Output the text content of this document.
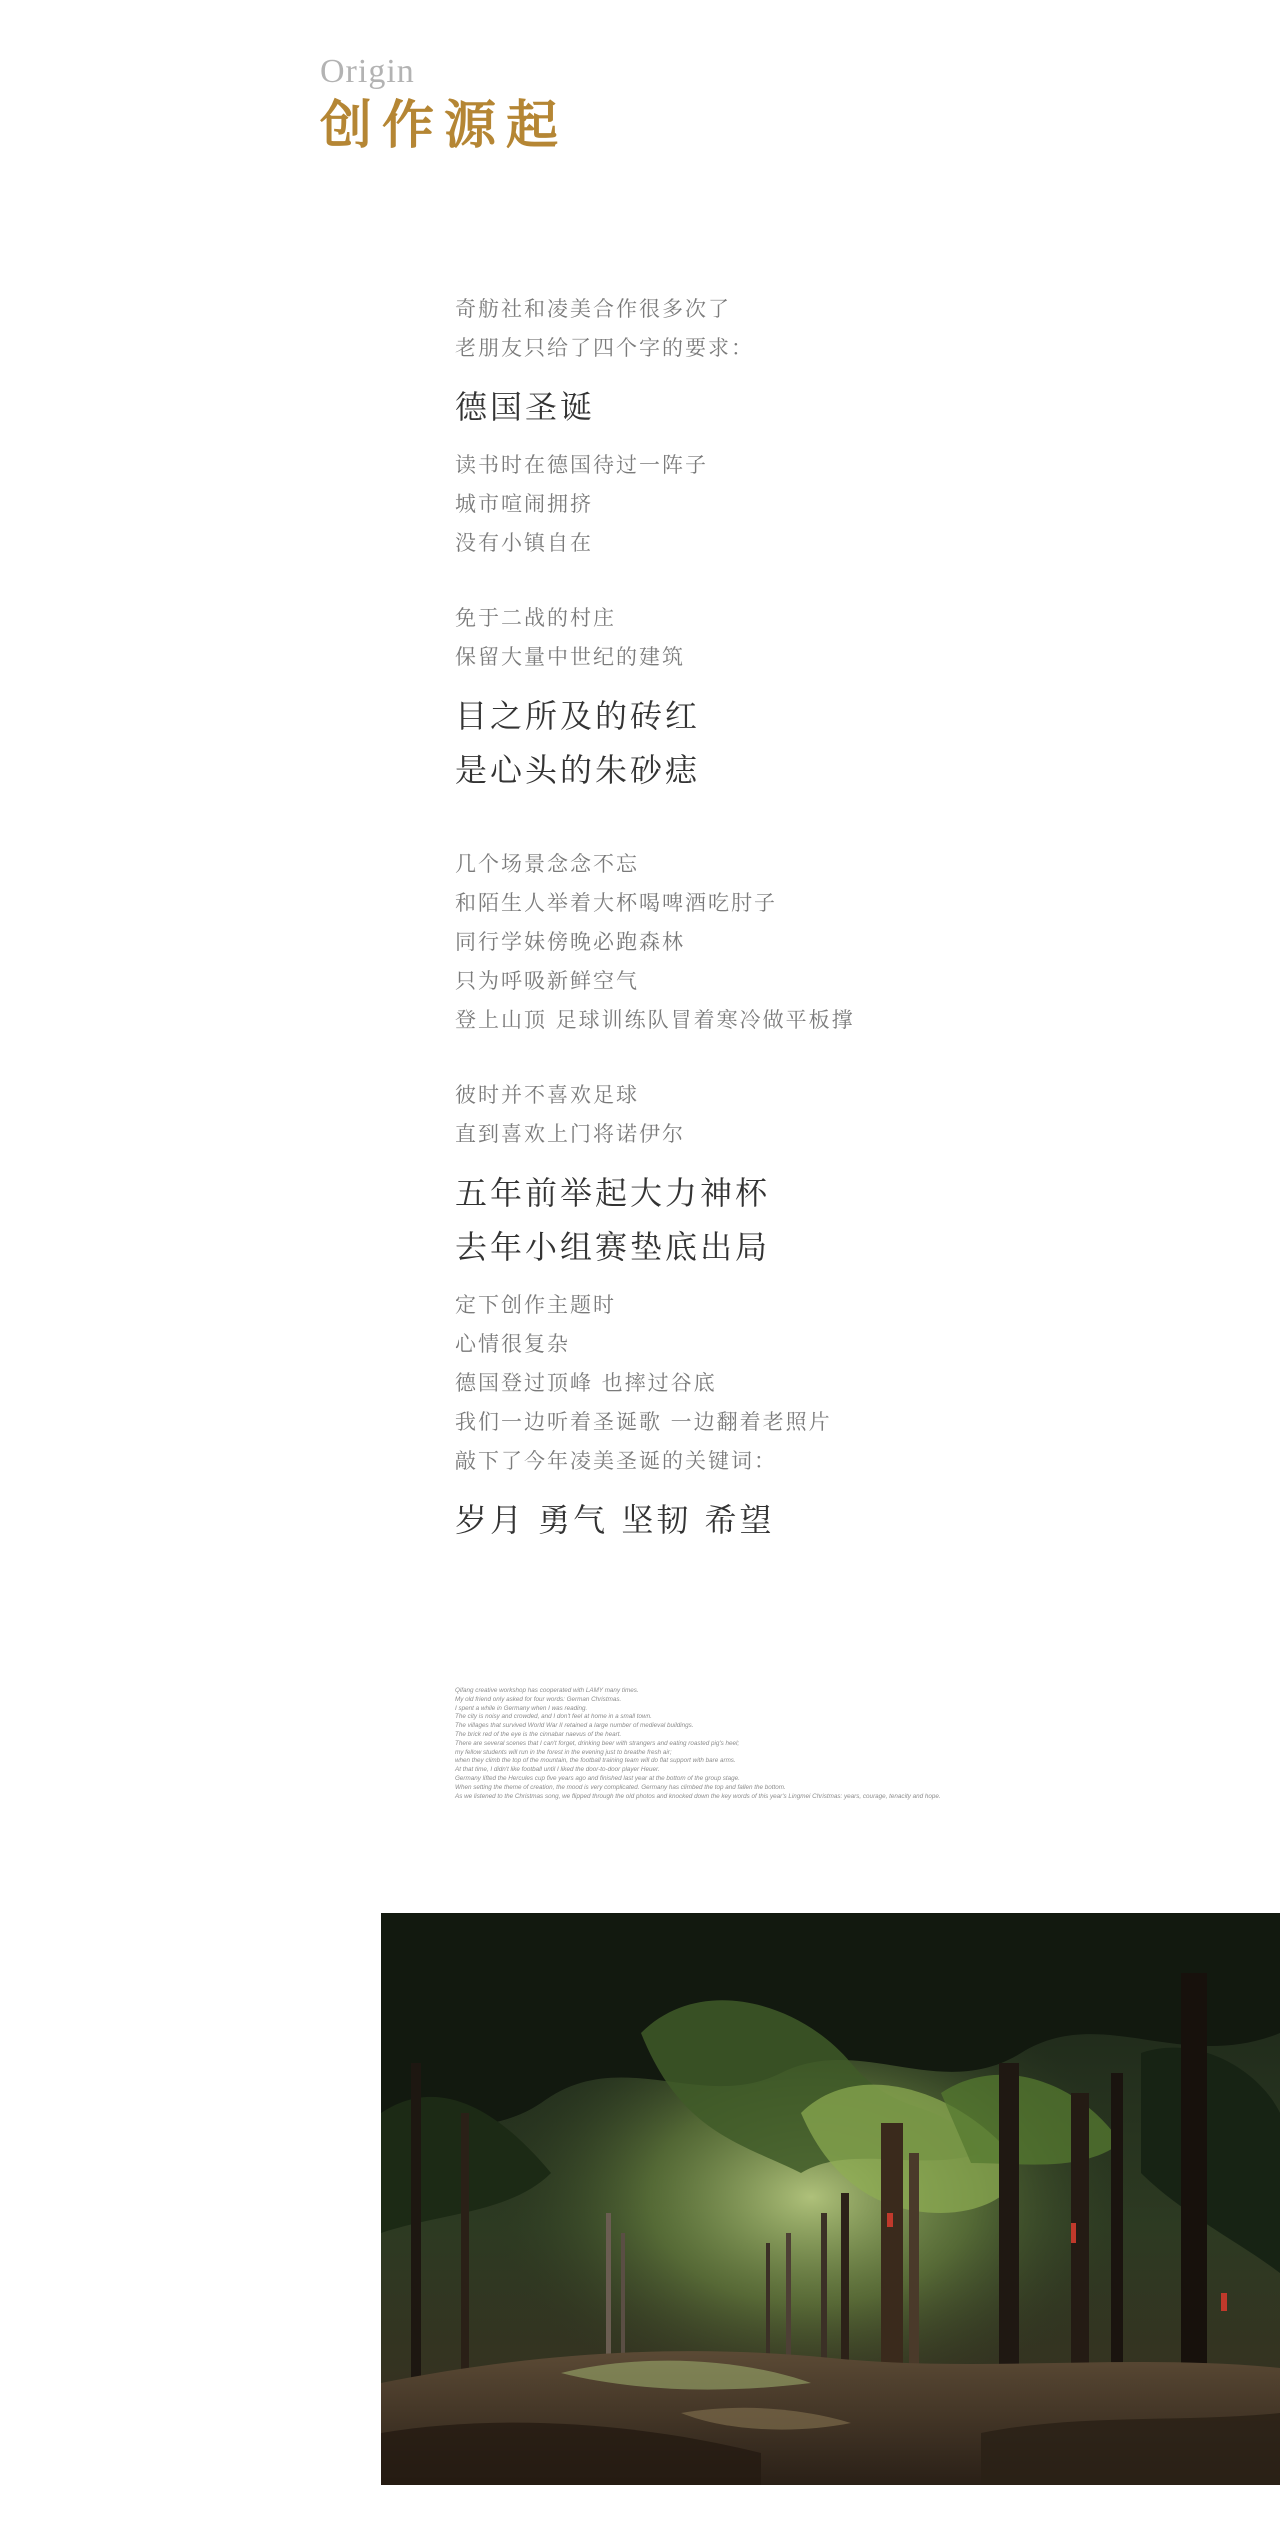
Origin
创作源起
奇舫社和凌美合作很多次了
老朋友只给了四个字的要求：
德国圣诞
读书时在德国待过一阵子
城市喧闹拥挤
没有小镇自在
免于二战的村庄
保留大量中世纪的建筑
目之所及的砖红
是心头的朱砂痣
几个场景念念不忘
和陌生人举着大杯喝啤酒吃肘子
同行学妹傍晚必跑森林
只为呼吸新鲜空气
登上山顶 足球训练队冒着寒冷做平板撑
彼时并不喜欢足球
直到喜欢上门将诺伊尔
五年前举起大力神杯
去年小组赛垫底出局
定下创作主题时
心情很复杂
德国登过顶峰 也摔过谷底
我们一边听着圣诞歌 一边翻着老照片
敲下了今年凌美圣诞的关键词：
岁月 勇气 坚韧 希望
Qifang creative workshop has cooperated with LAMY many times.
My old friend only asked for four words: German Christmas.
I spent a while in Germany when I was reading.
The city is noisy and crowded, and I don't feel at home in a small town.
The villages that survived World War II retained a large number of medieval buildings.
The brick red of the eye is the cinnabar naevus of the heart.
There are several scenes that I can't forget, drinking beer with strangers and eating roasted pig's heel;
my fellow students will run in the forest in the evening just to breathe fresh air;
when they climb the top of the mountain, the football training team will do flat support with bare arms.
At that time, I didn't like football until I liked the door-to-door player Heuer.
Germany lifted the Hercules cup five years ago and finished last year at the bottom of the group stage.
When setting the theme of creation, the mood is very complicated. Germany has climbed the top and fallen the bottom.
As we listened to the Christmas song, we flipped through the old photos and knocked down the key words of this year's Lingmei Christmas: years, courage, tenacity and hope.
